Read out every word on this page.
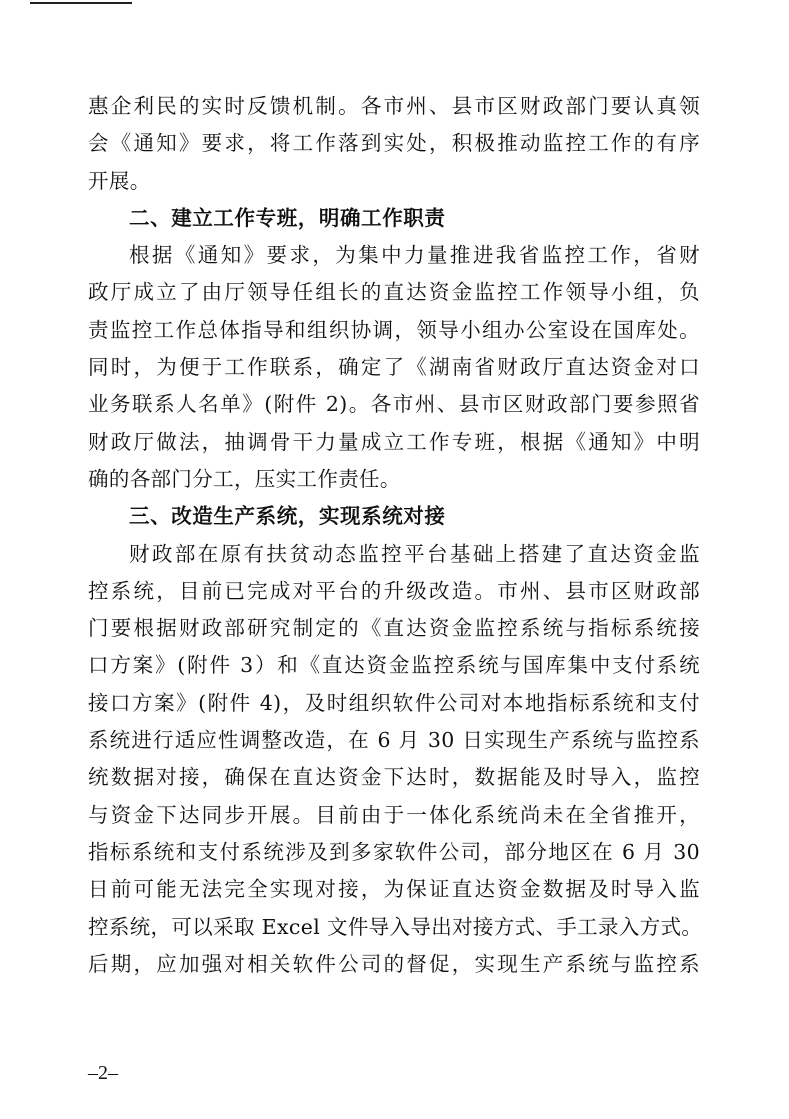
惠企利民的实时反馈机制。各市州、县市区财政部门要认真领
会《通知》要求，将工作落到实处，积极推动监控工作的有序
开展。
二、建立工作专班，明确工作职责
根据《通知》要求，为集中力量推进我省监控工作，省财
政厅成立了由厅领导任组长的直达资金监控工作领导小组，负
责监控工作总体指导和组织协调，领导小组办公室设在国库处。
同时，为便于工作联系，确定了《湖南省财政厅直达资金对口
业务联系人名单》(附件 2)。各市州、县市区财政部门要参照省
财政厅做法，抽调骨干力量成立工作专班，根据《通知》中明
确的各部门分工，压实工作责任。
三、改造生产系统，实现系统对接
财政部在原有扶贫动态监控平台基础上搭建了直达资金监
控系统，目前已完成对平台的升级改造。市州、县市区财政部
门要根据财政部研究制定的《直达资金监控系统与指标系统接
口方案》(附件 3）和《直达资金监控系统与国库集中支付系统
接口方案》(附件 4)，及时组织软件公司对本地指标系统和支付
系统进行适应性调整改造，在 6 月 30 日实现生产系统与监控系
统数据对接，确保在直达资金下达时，数据能及时导入，监控
与资金下达同步开展。目前由于一体化系统尚未在全省推开，
指标系统和支付系统涉及到多家软件公司，部分地区在 6 月 30
日前可能无法完全实现对接，为保证直达资金数据及时导入监
控系统，可以采取 Excel 文件导入导出对接方式、手工录入方式。
后期，应加强对相关软件公司的督促，实现生产系统与监控系
–2–
